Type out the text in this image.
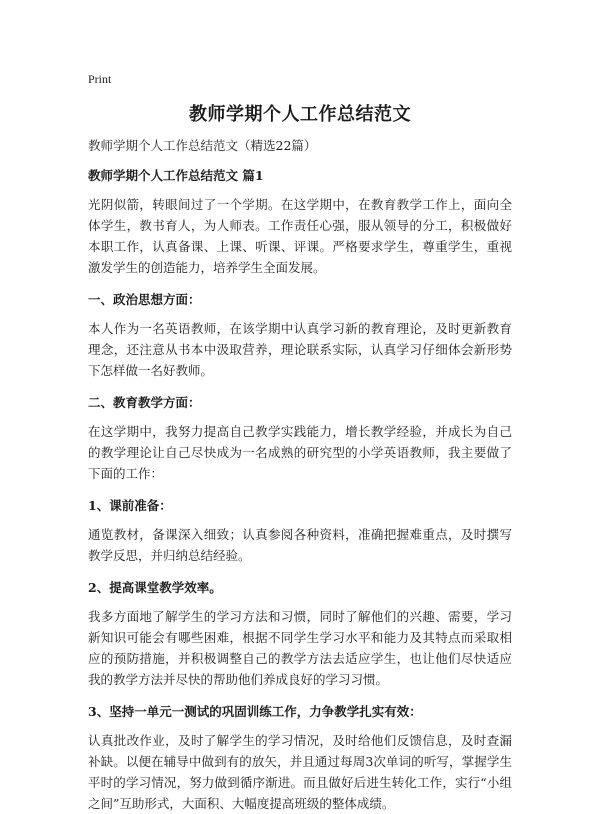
Print
教师学期个人工作总结范文
教师学期个人工作总结范文（精选22篇）
教师学期个人工作总结范文 篇1
光阴似箭，转眼间过了一个学期。在这学期中，在教育教学工作上，面向全体学生，教书育人，为人师表。工作责任心强，服从领导的分工，积极做好本职工作，认真备课、上课、听课、评课。严格要求学生，尊重学生，重视激发学生的创造能力，培养学生全面发展。
一、政治思想方面：
本人作为一名英语教师，在该学期中认真学习新的教育理论，及时更新教育理念，还注意从书本中汲取营养，理论联系实际，认真学习仔细体会新形势下怎样做一名好教师。
二、教育教学方面：
在这学期中，我努力提高自己教学实践能力，增长教学经验，并成长为自己的教学理论让自己尽快成为一名成熟的研究型的小学英语教师，我主要做了下面的工作：
1、课前准备：
通览教材，备课深入细致；认真参阅各种资料，准确把握难重点，及时撰写教学反思，并归纳总结经验。
2、提高课堂教学效率。
我多方面地了解学生的学习方法和习惯，同时了解他们的兴趣、需要，学习新知识可能会有哪些困难，根据不同学生学习水平和能力及其特点而采取相应的预防措施，并积极调整自己的教学方法去适应学生，也让他们尽快适应我的教学方法并尽快的帮助他们养成良好的学习习惯。
3、坚持一单元一测试的巩固训练工作，力争教学扎实有效：
认真批改作业，及时了解学生的学习情况，及时给他们反馈信息，及时查漏补缺。以便在辅导中做到有的放矢，并且通过每周3次单词的听写，掌握学生平时的学习情况，努力做到循序渐进。而且做好后进生转化工作，实行“小组之间”互助形式，大面积、大幅度提高班级的整体成绩。
